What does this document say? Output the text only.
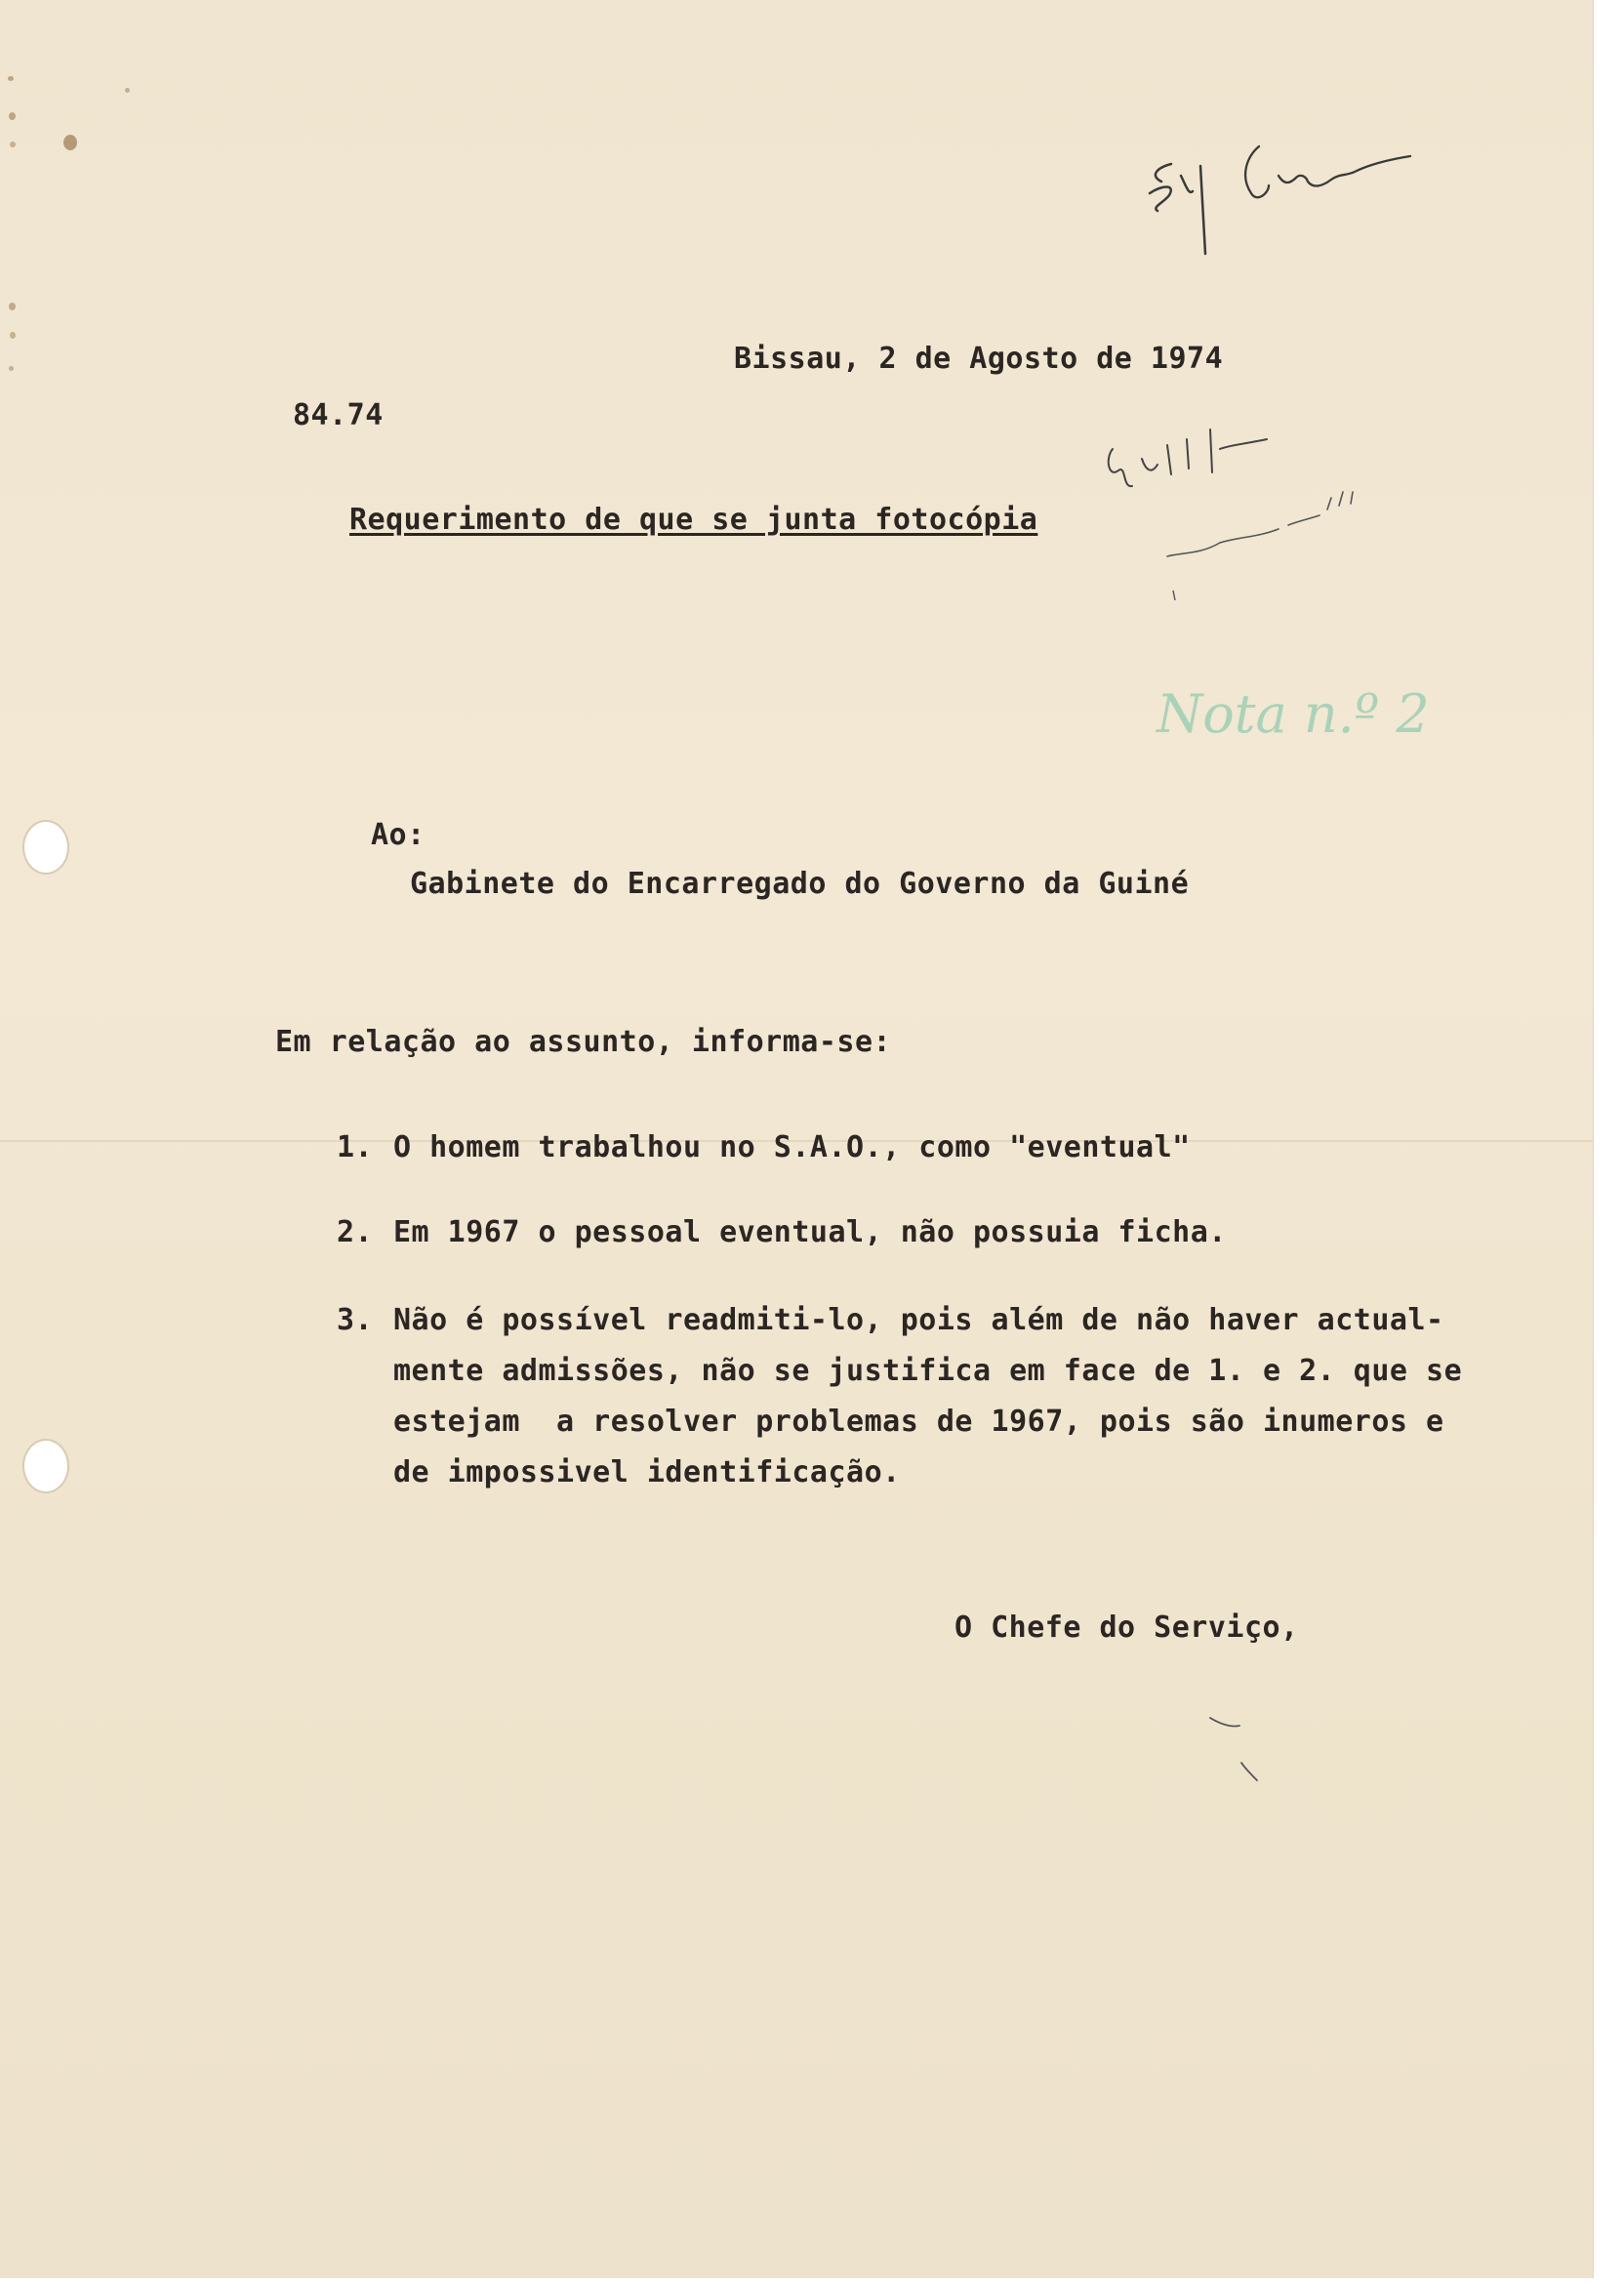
Nota n.º 2
Bissau, 2 de Agosto de 1974
84.74
Requerimento de que se junta fotocópia
Ao:
Gabinete do Encarregado do Governo da Guiné
Em relação ao assunto, informa-se:
1. O homem trabalhou no S.A.O., como "eventual"
2. Em 1967 o pessoal eventual, não possuia ficha.
3. Não é possível readmiti-lo, pois além de não haver actual-
mente admissões, não se justifica em face de 1. e 2. que se
estejam  a resolver problemas de 1967, pois são inumeros e
de impossivel identificação.
O Chefe do Serviço,
